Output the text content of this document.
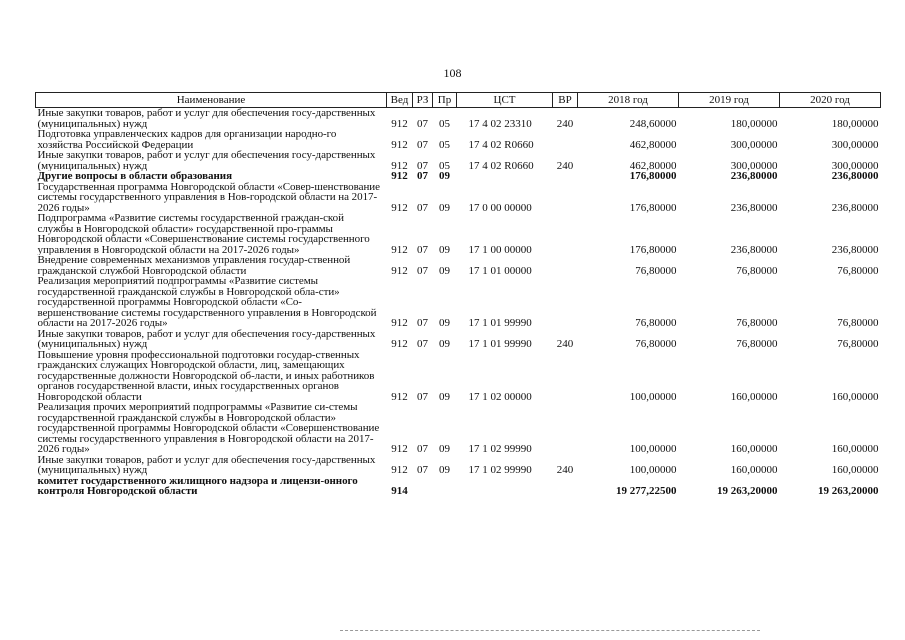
108
Наименование	Вед	РЗ	Пр	ЦСТ	ВР	2018 год	2019 год	2020 год
Иные закупки товаров, работ и услуг для обеспечения госу-дарственных (муниципальных) нужд	912	07	05	17 4 02 23310	240	248,60000	180,00000	180,00000
Подготовка управленческих кадров для организации народно-го хозяйства Российской Федерации	912	07	05	17 4 02 R0660		462,80000	300,00000	300,00000
Иные закупки товаров, работ и услуг для обеспечения госу-дарственных (муниципальных) нужд	912	07	05	17 4 02 R0660	240	462,80000	300,00000	300,00000
Другие вопросы в области образования	912	07	09			176,80000	236,80000	236,80000
Государственная программа Новгородской области «Совер-шенствование системы государственного управления в Нов-городской области на 2017-2026 годы»	912	07	09	17 0 00 00000		176,80000	236,80000	236,80000
Подпрограмма «Развитие системы государственной граждан-ской службы в Новгородской области» государственной про-граммы Новгородской области «Совершенствование системы государственного управления в Новгородской области на 2017-2026 годы»	912	07	09	17 1 00 00000		176,80000	236,80000	236,80000
Внедрение современных механизмов управления государ-ственной гражданской службой Новгородской области	912	07	09	17 1 01 00000		76,80000	76,80000	76,80000
Реализация мероприятий подпрограммы «Развитие системы государственной гражданской службы в Новгородской обла-сти» государственной программы Новгородской области «Со-вершенствование системы государственного управления в Новгородской области на 2017-2026 годы»	912	07	09	17 1 01 99990		76,80000	76,80000	76,80000
Иные закупки товаров, работ и услуг для обеспечения госу-дарственных (муниципальных) нужд	912	07	09	17 1 01 99990	240	76,80000	76,80000	76,80000
Повышение уровня профессиональной подготовки государ-ственных гражданских служащих Новгородской области, лиц, замещающих государственные должности Новгородской об-ласти, и иных работников органов государственной власти, иных государственных органов Новгородской области	912	07	09	17 1 02 00000		100,00000	160,00000	160,00000
Реализация прочих мероприятий подпрограммы «Развитие си-стемы государственной гражданской службы в Новгородской области» государственной программы Новгородской области «Совершенствование системы государственного управления в Новгородской области на 2017-2026 годы»	912	07	09	17 1 02 99990		100,00000	160,00000	160,00000
Иные закупки товаров, работ и услуг для обеспечения госу-дарственных (муниципальных) нужд	912	07	09	17 1 02 99990	240	100,00000	160,00000	160,00000
комитет государственного жилищного надзора и лицензи-онного контроля Новгородской области	914					19 277,22500	19 263,20000	19 263,20000
